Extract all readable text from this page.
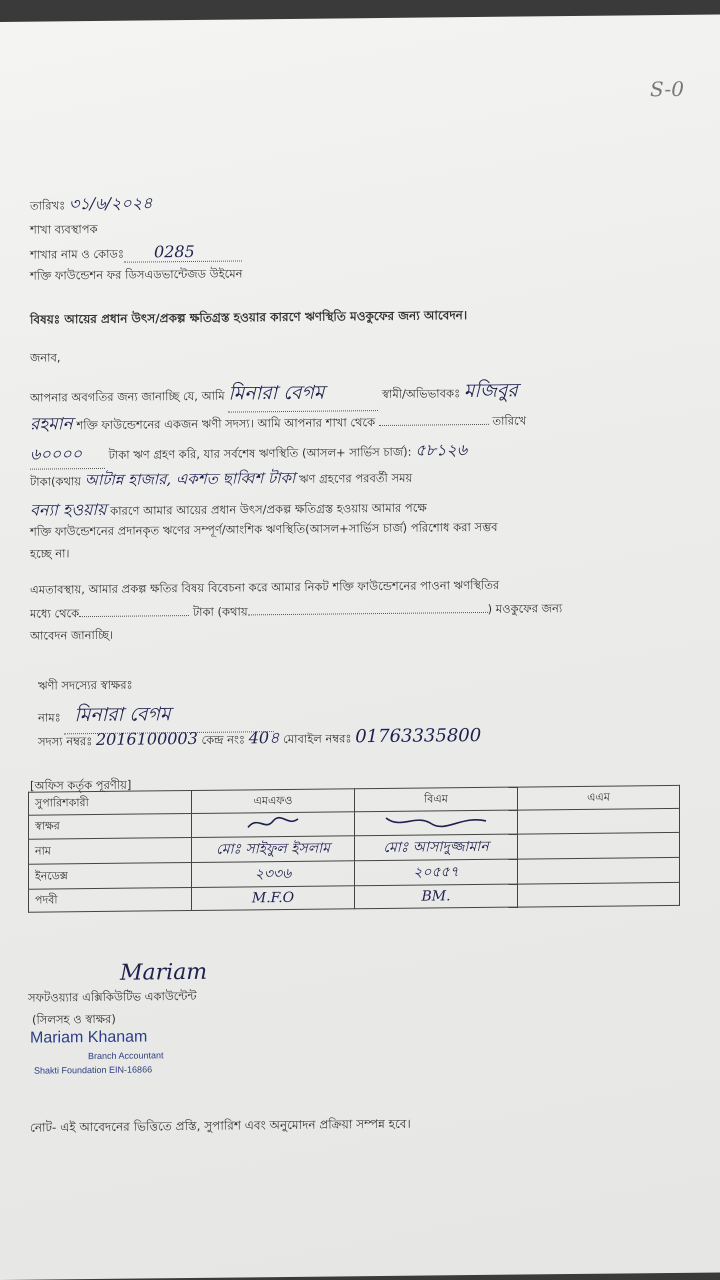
S-0
তারিখঃ ৩১/৬/২০২৪
শাখা ব্যবস্থাপক
শাখার নাম ও কোডঃ 0285
শক্তি ফাউন্ডেশন ফর ডিসএডভান্টেজড উইমেন
বিষয়ঃ আয়ের প্রধান উৎস/প্রকল্প ক্ষতিগ্রস্ত হওয়ার কারণে ঋণস্থিতি মওকুফের জন্য আবেদন।
জনাব,
আপনার অবগতির জন্য জানাচ্ছি যে, আমি মিনারা বেগম	স্বামী/অভিভাবকঃ মজিবুর
রহমান শক্তি ফাউন্ডেশনের একজন ঋণী সদস্য। আমি আপনার শাখা থেকে	তারিখে
৬০০০০ টাকা ঋণ গ্রহণ করি, যার সর্বশেষ ঋণস্থিতি (আসল+ সার্ভিস চার্জ): ৫৮১২৬
টাকা(কথায় আটান্ন হাজার, একশত ছাব্বিশ টাকা ঋণ গ্রহণের পরবর্তী সময়
বন্যা হওয়ায় কারণে আমার আয়ের প্রধান উৎস/প্রকল্প ক্ষতিগ্রস্ত হওয়ায় আমার পক্ষে
শক্তি ফাউন্ডেশনের প্রদানকৃত ঋণের সম্পূর্ণ/আংশিক ঋণস্থিতি(আসল+সার্ভিস চার্জ) পরিশোধ করা সম্ভব
হচ্ছে না।
এমতাবস্থায়, আমার প্রকল্প ক্ষতির বিষয় বিবেচনা করে আমার নিকট শক্তি ফাউন্ডেশনের পাওনা ঋণস্থিতির
মধ্যে থেকে	টাকা (কথায়	) মওকুফের জন্য
আবেদন জানাচ্ছি।
ঋণী সদস্যের স্বাক্ষরঃ
নামঃ মিনারা বেগম
সদস্য নম্বরঃ 2016100003 কেন্দ্র নংঃ 40৪ মোবাইল নম্বরঃ 01763335800
[অফিস কর্তৃক পূরণীয়]
সুপারিশকারী	এমএফও	বিএম	এএম
স্বাক্ষর			
নাম	মোঃ সাইফুল ইসলাম	মোঃ আসাদুজ্জামান	
ইনডেক্স	২৩৩৬	২০৫৫৭	
পদবী	M.F.O	BM.	
Mariam
সফটওয়্যার এক্সিকিউটিভ একাউন্টেন্ট
(সিলসহ ও স্বাক্ষর)
Mariam Khanam
Branch Accountant
Shakti Foundation EIN-16866
নোট- এই আবেদনের ভিত্তিতে প্রস্তি, সুপারিশ এবং অনুমোদন প্রক্রিয়া সম্পন্ন হবে।
